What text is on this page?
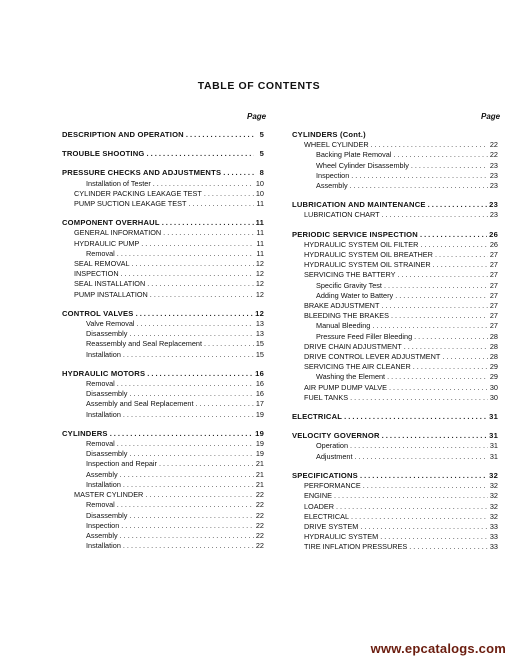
TABLE OF CONTENTS
Page	Page
DESCRIPTION AND OPERATION .....	5
TROUBLE SHOOTING .....	5
PRESSURE CHECKS AND ADJUSTMENTS .....	8
Installation of Tester .....	10
CYLINDER PACKING LEAKAGE TEST .....	10
PUMP SUCTION LEAKAGE TEST .....	11
COMPONENT OVERHAUL .....	11
GENERAL INFORMATION .....	11
HYDRAULIC PUMP .....	11
Removal .....	11
SEAL REMOVAL .....	12
INSPECTION .....	12
SEAL INSTALLATION .....	12
PUMP INSTALLATION .....	12
CONTROL VALVES .....	12
Valve Removal .....	13
Disassembly .....	13
Reassembly and Seal Replacement .....	15
Installation .....	15
HYDRAULIC MOTORS .....	16
Removal .....	16
Disassembly .....	16
Assembly and Seal Replacement .....	17
Installation .....	19
CYLINDERS .....	19
Removal .....	19
Disassembly .....	19
Inspection and Repair .....	21
Assembly .....	21
Installation .....	21
MASTER CYLINDER .....	22
Removal .....	22
Disassembly .....	22
Inspection .....	22
Assembly .....	22
Installation .....	22
CYLINDERS (Cont.)
WHEEL CYLINDER .....	22
Backing Plate Removal .....	22
Wheel Cylinder Disassembly .....	23
Inspection .....	23
Assembly .....	23
LUBRICATION AND MAINTENANCE .....	23
LUBRICATION CHART .....	23
PERIODIC SERVICE INSPECTION .....	26
HYDRAULIC SYSTEM OIL FILTER .....	26
HYDRAULIC SYSTEM OIL BREATHER .....	27
HYDRAULIC SYSTEM OIL STRAINER .....	27
SERVICING THE BATTERY .....	27
Specific Gravity Test .....	27
Adding Water to Battery .....	27
BRAKE ADJUSTMENT .....	27
BLEEDING THE BRAKES .....	27
Manual Bleeding .....	27
Pressure Feed Filler Bleeding .....	28
DRIVE CHAIN ADJUSTMENT .....	28
DRIVE CONTROL LEVER ADJUSTMENT .....	28
SERVICING THE AIR CLEANER .....	29
Washing the Element .....	29
AIR PUMP DUMP VALVE .....	30
FUEL TANKS .....	30
ELECTRICAL .....	31
VELOCITY GOVERNOR .....	31
Operation .....	31
Adjustment .....	31
SPECIFICATIONS .....	32
PERFORMANCE .....	32
ENGINE .....	32
LOADER .....	32
ELECTRICAL .....	32
DRIVE SYSTEM .....	33
HYDRAULIC SYSTEM .....	33
TIRE INFLATION PRESSURES .....	33
www.epcatalogs.com
